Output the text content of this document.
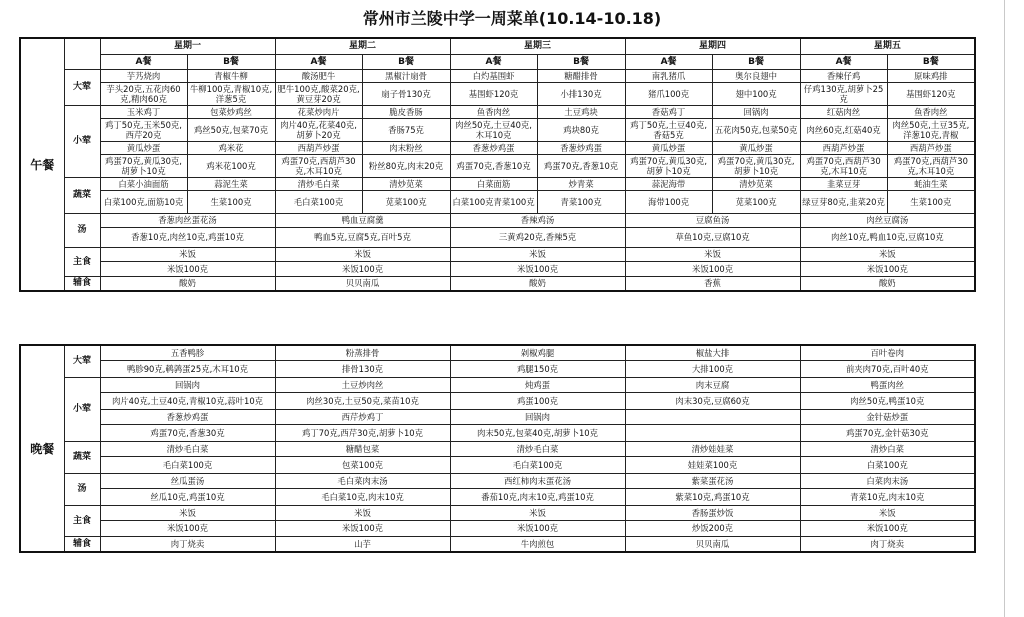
常州市兰陵中学一周菜单(10.14-10.18)
午餐		星期一		星期二		星期三		星期四		星期五	
		A餐	B餐	A餐	B餐	A餐	B餐	A餐	B餐	A餐	B餐
	大荤	芋艿烧肉	青椒牛柳	酸汤肥牛	黑椒汁扇骨	白灼基围虾	糖醋排骨	南乳猪爪	奥尔良翅中	香辣仔鸡	原味鸡排
		芋头20克,五花肉60克,精肉60克	牛柳100克,青椒10克,洋葱5克	肥牛100克,酸菜20克,黄豆芽20克	扇子骨130克	基围虾120克	小排130克	猪爪100克	翅中100克	仔鸡130克,胡萝卜25克	基围虾120克
	小荤	玉米鸡丁	包菜炒鸡丝	花菜炒肉片	脆皮香肠	鱼香肉丝	土豆鸡块	香菇鸡丁	回锅肉	红菇肉丝	鱼香肉丝
		鸡丁50克,玉米50克,西芹20克	鸡丝50克,包菜70克	肉片40克,花菜40克,胡萝卜20克	香肠75克	肉丝50克,土豆40克,木耳10克	鸡块80克	鸡丁50克,土豆40克,香菇5克	五花肉50克,包菜50克	肉丝60克,红菇40克	肉丝50克,土豆35克,洋葱10克,青椒
		黄瓜炒蛋	鸡米花	西葫芦炒蛋	肉末粉丝	香葱炒鸡蛋	香葱炒鸡蛋	黄瓜炒蛋	黄瓜炒蛋	西葫芦炒蛋	西葫芦炒蛋
		鸡蛋70克,黄瓜30克,胡萝卜10克	鸡米花100克	鸡蛋70克,西葫芦30克,木耳10克	粉丝80克,肉末20克	鸡蛋70克,香葱10克	鸡蛋70克,香葱10克	鸡蛋70克,黄瓜30克,胡萝卜10克	鸡蛋70克,黄瓜30克,胡萝卜10克	鸡蛋70克,西葫芦30克,木耳10克	鸡蛋70克,西葫芦30克,木耳10克
	蔬菜	白菜小油面筋	蒜泥生菜	清炒毛白菜	清炒苋菜	白菜面筋	炒青菜	蒜泥海带	清炒苋菜	韭菜豆芽	蚝油生菜
		白菜100克,面筋10克	生菜100克	毛白菜100克	苋菜100克	白菜100克青菜100克	青菜100克	海带100克	苋菜100克	绿豆芽80克,韭菜20克	生菜100克
	汤	香葱肉丝蛋花汤		鸭血豆腐羹		香辣鸡汤		豆腐鱼汤		肉丝豆腐汤	
		香葱10克,肉丝10克,鸡蛋10克		鸭血5克,豆腐5克,百叶5克		三黄鸡20克,香辣5克		草鱼10克,豆腐10克		肉丝10克,鸭血10克,豆腐10克	
	主食	米饭		米饭		米饭		米饭		米饭	
		米饭100克		米饭100克		米饭100克		米饭100克		米饭100克	
	辅食	酸奶		贝贝南瓜		酸奶		香蕉		酸奶	
晚餐	大荤	五香鸭胗	粉蒸排骨	剁椒鸡腿	椒盐大排	百叶卷肉
		鸭胗90克,鹌鹑蛋25克,木耳10克	排骨130克	鸡腿150克	大排100克	前夹肉70克,百叶40克
	小荤	回锅肉	土豆炒肉丝	炖鸡蛋	肉末豆腐	鸭蛋肉丝
		肉片40克,土豆40克,青椒10克,蒜叶10克	肉丝30克,土豆50克,菜苗10克	鸡蛋100克	肉末30克,豆腐60克	肉丝50克,鸭蛋10克
		香葱炒鸡蛋	西芹炒鸡丁	回锅肉		金针菇炒蛋
		鸡蛋70克,香葱30克	鸡丁70克,西芹30克,胡萝卜10克	肉末50克,包菜40克,胡萝卜10克		鸡蛋70克,金针菇30克
	蔬菜	清炒毛白菜	糖醋包菜	清炒毛白菜	清炒娃娃菜	清炒白菜
		毛白菜100克	包菜100克	毛白菜100克	娃娃菜100克	白菜100克
	汤	丝瓜蛋汤	毛白菜肉末汤	西红柿肉末蛋花汤	紫菜蛋花汤	白菜肉末汤
		丝瓜10克,鸡蛋10克	毛白菜10克,肉末10克	番茄10克,肉末10克,鸡蛋10克	紫菜10克,鸡蛋10克	青菜10克,肉末10克
	主食	米饭	米饭	米饭	香肠蛋炒饭	米饭
		米饭100克	米饭100克	米饭100克	炒饭200克	米饭100克
	辅食	肉丁烧卖	山芋	牛肉煎包	贝贝南瓜	肉丁烧卖
